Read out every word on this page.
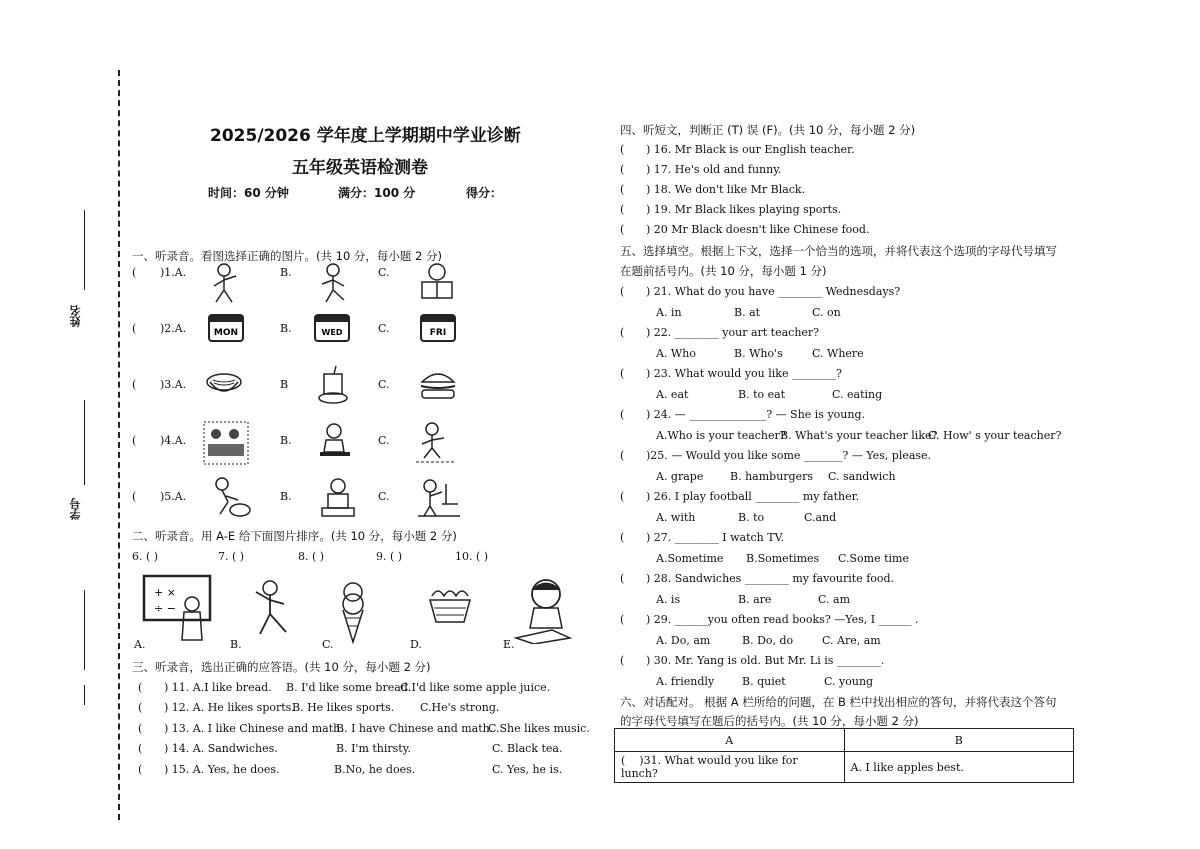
姓名
学号
2025/2026 学年度上学期期中学业诊断
五年级英语检测卷
时间：60 分钟	满分：100 分	得分：
一、听录音。看图选择正确的图片。(共 10 分，每小题 2 分)
( )1.A.	B.	C.
( )2.A.	MON	B.	WED	C.	FRI
( )3.A.	B	C.
( )4.A.	B.	C.
( )5.A.	B.	C.
二、听录音。用 A-E 给下面图片排序。(共 10 分，每小题 2 分)
6. ( )	7. ( )	8. ( )	9. ( )	10. ( )
+ ×
÷ −
A.	B.	C.	D.	E.
三、听录音，选出正确的应答语。(共 10 分，每小题 2 分)
( ) 11. A.I like bread. B. I'd like some bread.
C.I'd like some apple juice.
( ) 12. A. He likes sports.
B. He likes sports. C.He's strong.
( ) 13. A. I like Chinese and math.
B. I have Chinese and math.
C.She likes music.
( ) 14. A. Sandwiches.	B. I'm thirsty.	C. Black tea.
( ) 15. A. Yes, he does.	B.No, he does.	C. Yes, he is.
四、听短文，判断正 (T) 误 (F)。(共 10 分，每小题 2 分)
( ) 16. Mr Black is our English teacher.
( ) 17. He's old and funny.
( ) 18. We don't like Mr Black.
( ) 19. Mr Black likes playing sports.
( ) 20 Mr Black doesn't like Chinese food.
五、选择填空。根据上下文，选择一个恰当的选项，并将代表这个选项的字母代号填写
在题前括号内。(共 10 分，每小题 1 分)
( ) 21. What do you have ________ Wednesdays?
A. in	B. at	C. on
( ) 22. ________ your art teacher?
A. Who	B. Who's	C. Where
( ) 23. What would you like ________?
A. eat	B. to eat	C. eating
( ) 24. — ______________? — She is young.
A.Who is your teacher?
B. What's your teacher like?
C. How' s your teacher?
( )25. — Would you like some _______? — Yes, please.
A. grape B. hamburgers C. sandwich
( ) 26. I play football ________ my father.
A. with	B. to	C.and
( ) 27. ________ I watch TV.
A.Sometime B.Sometimes C.Some time
( ) 28. Sandwiches ________ my favourite food.
A. is	B. are	C. am
( ) 29. ______you often read books? —Yes, I ______ .
A. Do, am	B. Do, do	C. Are, am
( ) 30. Mr. Yang is old. But Mr. Li is ________.
A. friendly	B. quiet	C. young
六、对话配对。 根据 A 栏所给的问题，在 B 栏中找出相应的答句，并将代表这个答句
的字母代号填写在题后的括号内。(共 10 分，每小题 2 分)
A	B
(    )31. What would you like for lunch?	A. I like apples best.
